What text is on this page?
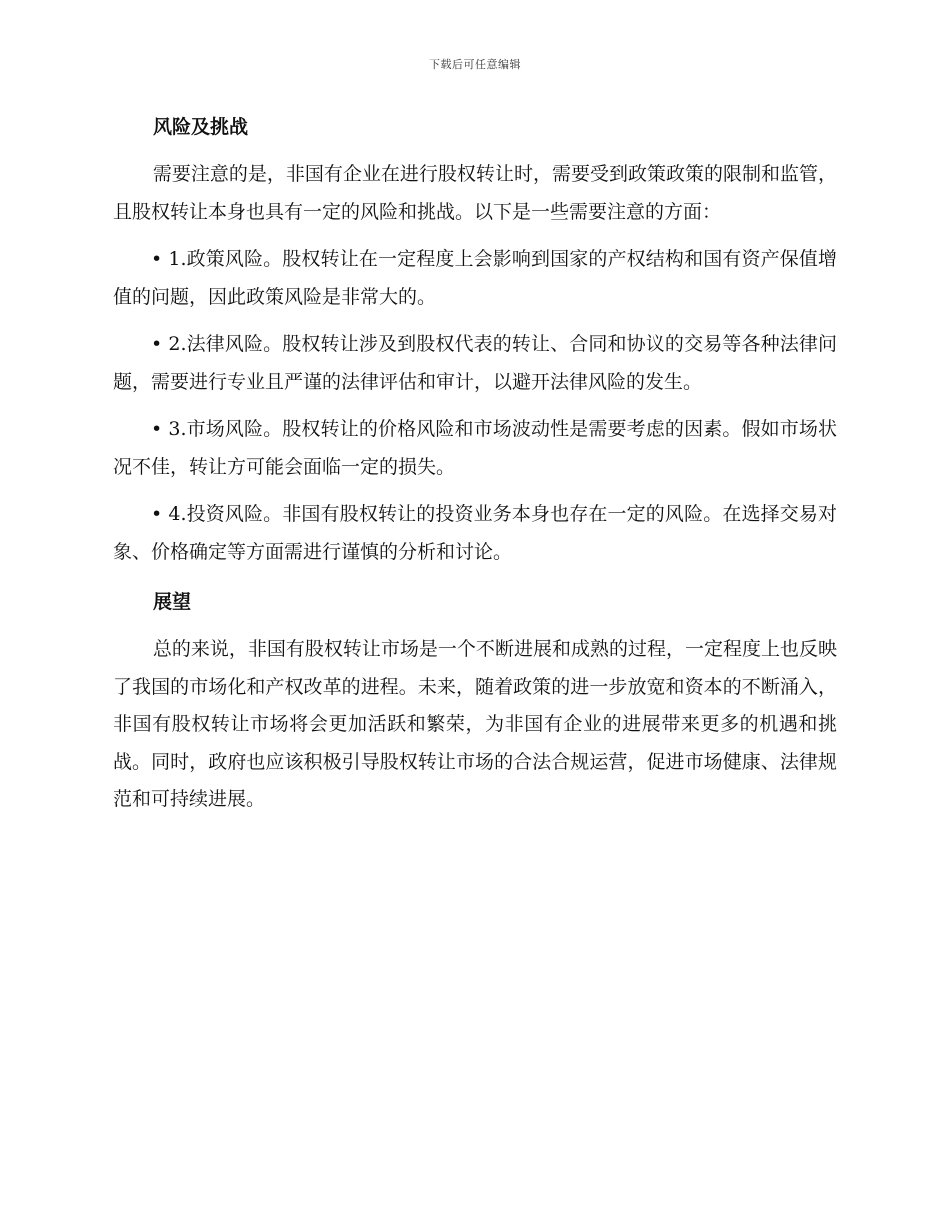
下载后可任意编辑
风险及挑战

需要注意的是，非国有企业在进行股权转让时，需要受到政策政策的限制和监管，且股权转让本身也具有一定的风险和挑战。以下是一些需要注意的方面：

• 1.政策风险。股权转让在一定程度上会影响到国家的产权结构和国有资产保值增值的问题，因此政策风险是非常大的。

• 2.法律风险。股权转让涉及到股权代表的转让、合同和协议的交易等各种法律问题，需要进行专业且严谨的法律评估和审计，以避开法律风险的发生。

• 3.市场风险。股权转让的价格风险和市场波动性是需要考虑的因素。假如市场状况不佳，转让方可能会面临一定的损失。

• 4.投资风险。非国有股权转让的投资业务本身也存在一定的风险。在选择交易对象、价格确定等方面需进行谨慎的分析和讨论。

展望

总的来说，非国有股权转让市场是一个不断进展和成熟的过程，一定程度上也反映了我国的市场化和产权改革的进程。未来，随着政策的进一步放宽和资本的不断涌入，非国有股权转让市场将会更加活跃和繁荣，为非国有企业的进展带来更多的机遇和挑战。同时，政府也应该积极引导股权转让市场的合法合规运营，促进市场健康、法律规范和可持续进展。
